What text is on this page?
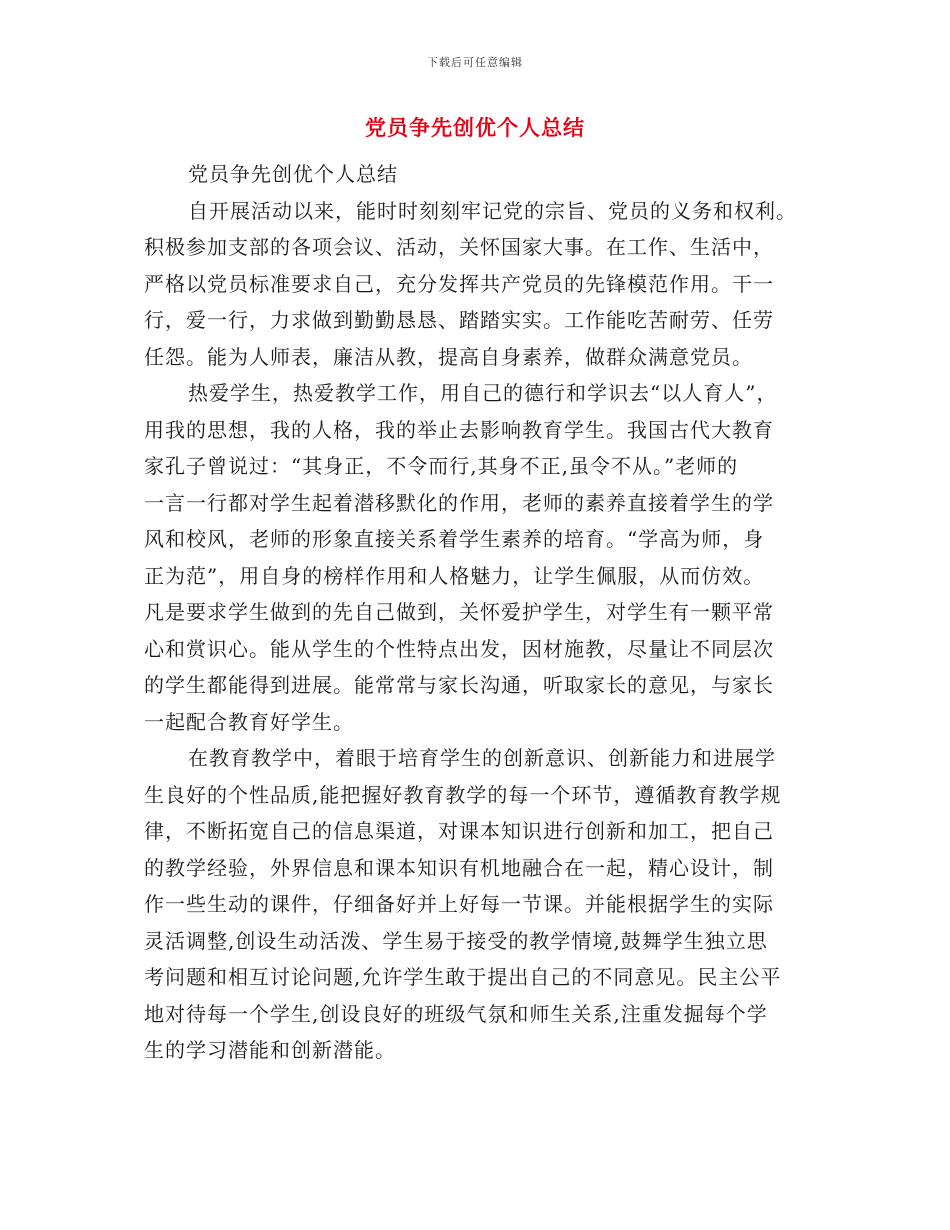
下载后可任意编辑
党员争先创优个人总结

党员争先创优个人总结

自开展活动以来，能时时刻刻牢记党的宗旨、党员的义务和权利。
积极参加支部的各项会议、活动，关怀国家大事。在工作、生活中，
严格以党员标准要求自己，充分发挥共产党员的先锋模范作用。干一
行，爱一行，力求做到勤勤恳恳、踏踏实实。工作能吃苦耐劳、任劳
任怨。能为人师表，廉洁从教，提高自身素养，做群众满意党员。

热爱学生，热爱教学工作，用自己的德行和学识去“以人育人”，
用我的思想，我的人格，我的举止去影响教育学生。我国古代大教育
家孔子曾说过：“其身正，不令而行,其身不正,虽令不从。”老师的
一言一行都对学生起着潜移默化的作用，老师的素养直接着学生的学
风和校风，老师的形象直接关系着学生素养的培育。“学高为师，身
正为范”，用自身的榜样作用和人格魅力，让学生佩服，从而仿效。
凡是要求学生做到的先自己做到，关怀爱护学生，对学生有一颗平常
心和赏识心。能从学生的个性特点出发，因材施教，尽量让不同层次
的学生都能得到进展。能常常与家长沟通，听取家长的意见，与家长
一起配合教育好学生。

在教育教学中，着眼于培育学生的创新意识、创新能力和进展学
生良好的个性品质,能把握好教育教学的每一个环节，遵循教育教学规
律，不断拓宽自己的信息渠道，对课本知识进行创新和加工，把自己
的教学经验，外界信息和课本知识有机地融合在一起，精心设计，制
作一些生动的课件，仔细备好并上好每一节课。并能根据学生的实际
灵活调整,创设生动活泼、学生易于接受的教学情境,鼓舞学生独立思
考问题和相互讨论问题,允许学生敢于提出自己的不同意见。民主公平
地对待每一个学生,创设良好的班级气氛和师生关系,注重发掘每个学
生的学习潜能和创新潜能。
